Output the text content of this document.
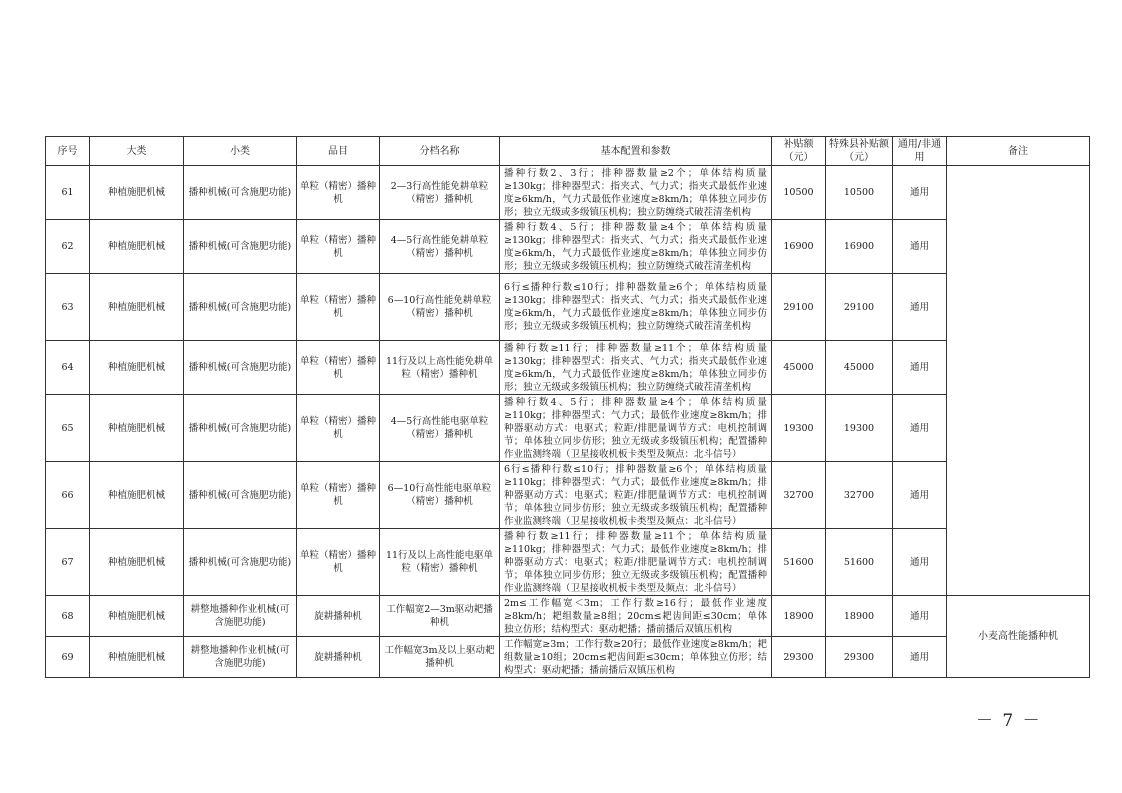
序号	大类	小类	品目	分档名称	基本配置和参数	补贴额（元）	特殊县补贴额（元）	通用/非通用	备注
61	种植施肥机械	播种机械(可含施肥功能)	单粒（精密）播种机	2—3行高性能免耕单粒（精密）播种机	播种行数2、3行；排种器数量≥2个；单体结构质量≥130kg；排种器型式：指夹式、气力式；指夹式最低作业速度≥6km/h，气力式最低作业速度≥8km/h；单体独立同步仿形；独立无级或多级镇压机构；独立防缠绕式破茬清垄机构	10500	10500	通用	
62	种植施肥机械	播种机械(可含施肥功能)	单粒（精密）播种机	4—5行高性能免耕单粒（精密）播种机	播种行数4、5行；排种器数量≥4个；单体结构质量≥130kg；排种器型式：指夹式、气力式；指夹式最低作业速度≥6km/h，气力式最低作业速度≥8km/h；单体独立同步仿形；独立无级或多级镇压机构；独立防缠绕式破茬清垄机构	16900	16900	通用	
63	种植施肥机械	播种机械(可含施肥功能)	单粒（精密）播种机	6—10行高性能免耕单粒（精密）播种机	6行≤播种行数≤10行；排种器数量≥6个；单体结构质量≥130kg；排种器型式：指夹式、气力式；指夹式最低作业速度≥6km/h，气力式最低作业速度≥8km/h；单体独立同步仿形；独立无级或多级镇压机构；独立防缠绕式破茬清垄机构	29100	29100	通用	
64	种植施肥机械	播种机械(可含施肥功能)	单粒（精密）播种机	11行及以上高性能免耕单粒（精密）播种机	播种行数≥11行；排种器数量≥11个；单体结构质量≥130kg；排种器型式：指夹式、气力式；指夹式最低作业速度≥6km/h，气力式最低作业速度≥8km/h；单体独立同步仿形；独立无级或多级镇压机构；独立防缠绕式破茬清垄机构	45000	45000	通用	
65	种植施肥机械	播种机械(可含施肥功能)	单粒（精密）播种机	4—5行高性能电驱单粒（精密）播种机	播种行数4、5行；排种器数量≥4个；单体结构质量≥110kg；排种器型式：气力式；最低作业速度≥8km/h；排种器驱动方式：电驱式；粒距/排肥量调节方式：电机控制调节；单体独立同步仿形；独立无级或多级镇压机构；配置播种作业监测终端（卫星接收机板卡类型及频点：北斗信号）	19300	19300	通用	
66	种植施肥机械	播种机械(可含施肥功能)	单粒（精密）播种机	6—10行高性能电驱单粒（精密）播种机	6行≤播种行数≤10行；排种器数量≥6个；单体结构质量≥110kg；排种器型式：气力式；最低作业速度≥8km/h；排种器驱动方式：电驱式；粒距/排肥量调节方式：电机控制调节；单体独立同步仿形；独立无级或多级镇压机构；配置播种作业监测终端（卫星接收机板卡类型及频点：北斗信号）	32700	32700	通用	
67	种植施肥机械	播种机械(可含施肥功能)	单粒（精密）播种机	11行及以上高性能电驱单粒（精密）播种机	播种行数≥11行；排种器数量≥11个；单体结构质量≥110kg；排种器型式：气力式；最低作业速度≥8km/h；排种器驱动方式：电驱式；粒距/排肥量调节方式：电机控制调节；单体独立同步仿形；独立无级或多级镇压机构；配置播种作业监测终端（卫星接收机板卡类型及频点：北斗信号）	51600	51600	通用	
68	种植施肥机械	耕整地播种作业机械(可含施肥功能)	旋耕播种机	工作幅宽2—3m驱动耙播种机	2m≤工作幅宽＜3m；工作行数≥16行；最低作业速度≥8km/h；耙组数量≥8组；20cm≤耙齿间距≤30cm；单体独立仿形；结构型式：驱动耙播；播前播后双镇压机构	18900	18900	通用	小麦高性能播种机
69	种植施肥机械	耕整地播种作业机械(可含施肥功能)	旋耕播种机	工作幅宽3m及以上驱动耙播种机	工作幅宽≥3m；工作行数≥20行；最低作业速度≥8km/h；耙组数量≥10组；20cm≤耙齿间距≤30cm；单体独立仿形；结构型式：驱动耙播；播前播后双镇压机构	29300	29300	通用	
－ 7 －
